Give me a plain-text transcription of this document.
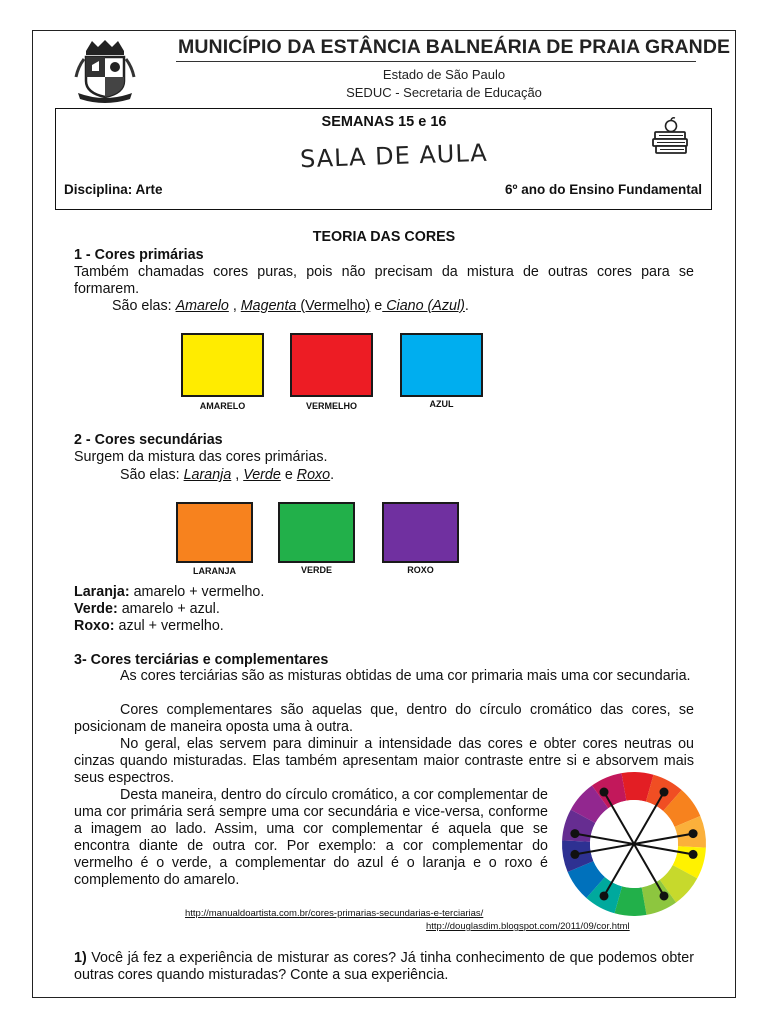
MUNICÍPIO DA ESTÂNCIA BALNEÁRIA DE PRAIA GRANDE
Estado de São Paulo
SEDUC - Secretaria de Educação
SEMANAS 15 e 16
SALA DE AULA
Disciplina: Arte	6º ano do Ensino Fundamental
TEORIA DAS CORES
1 - Cores primárias
Também chamadas cores puras, pois não precisam da mistura de outras cores para se formarem.
São elas: Amarelo , Magenta (Vermelho) e Ciano (Azul).
AMARELO	VERMELHO	AZUL
2 - Cores secundárias
Surgem da mistura das cores primárias.
São elas: Laranja , Verde e Roxo.
LARANJA	VERDE	ROXO
Laranja: amarelo + vermelho.
Verde: amarelo + azul.
Roxo: azul + vermelho.
3- Cores terciárias e complementares
As cores terciárias são as misturas obtidas de uma cor primaria mais uma cor secundaria.
Cores complementares são aquelas que, dentro do círculo cromático das cores, se posicionam de maneira oposta uma à outra.
No geral, elas servem para diminuir a intensidade das cores e obter cores neutras ou cinzas quando misturadas. Elas também apresentam maior contraste entre si e absorvem mais seus espectros.
Desta maneira, dentro do círculo cromático, a cor complementar de uma cor primária será sempre uma cor secundária e vice-versa, conforme a imagem ao lado. Assim, uma cor complementar é aquela que se encontra diante de outra cor. Por exemplo: a cor complementar do vermelho é o verde, a complementar do azul é o laranja e o roxo é complemento do amarelo.
http://manualdoartista.com.br/cores-primarias-secundarias-e-terciarias/
http://douglasdim.blogspot.com/2011/09/cor.html
1) Você já fez a experiência de misturar as cores? Já tinha conhecimento de que podemos obter outras cores quando misturadas? Conte a sua experiência.
